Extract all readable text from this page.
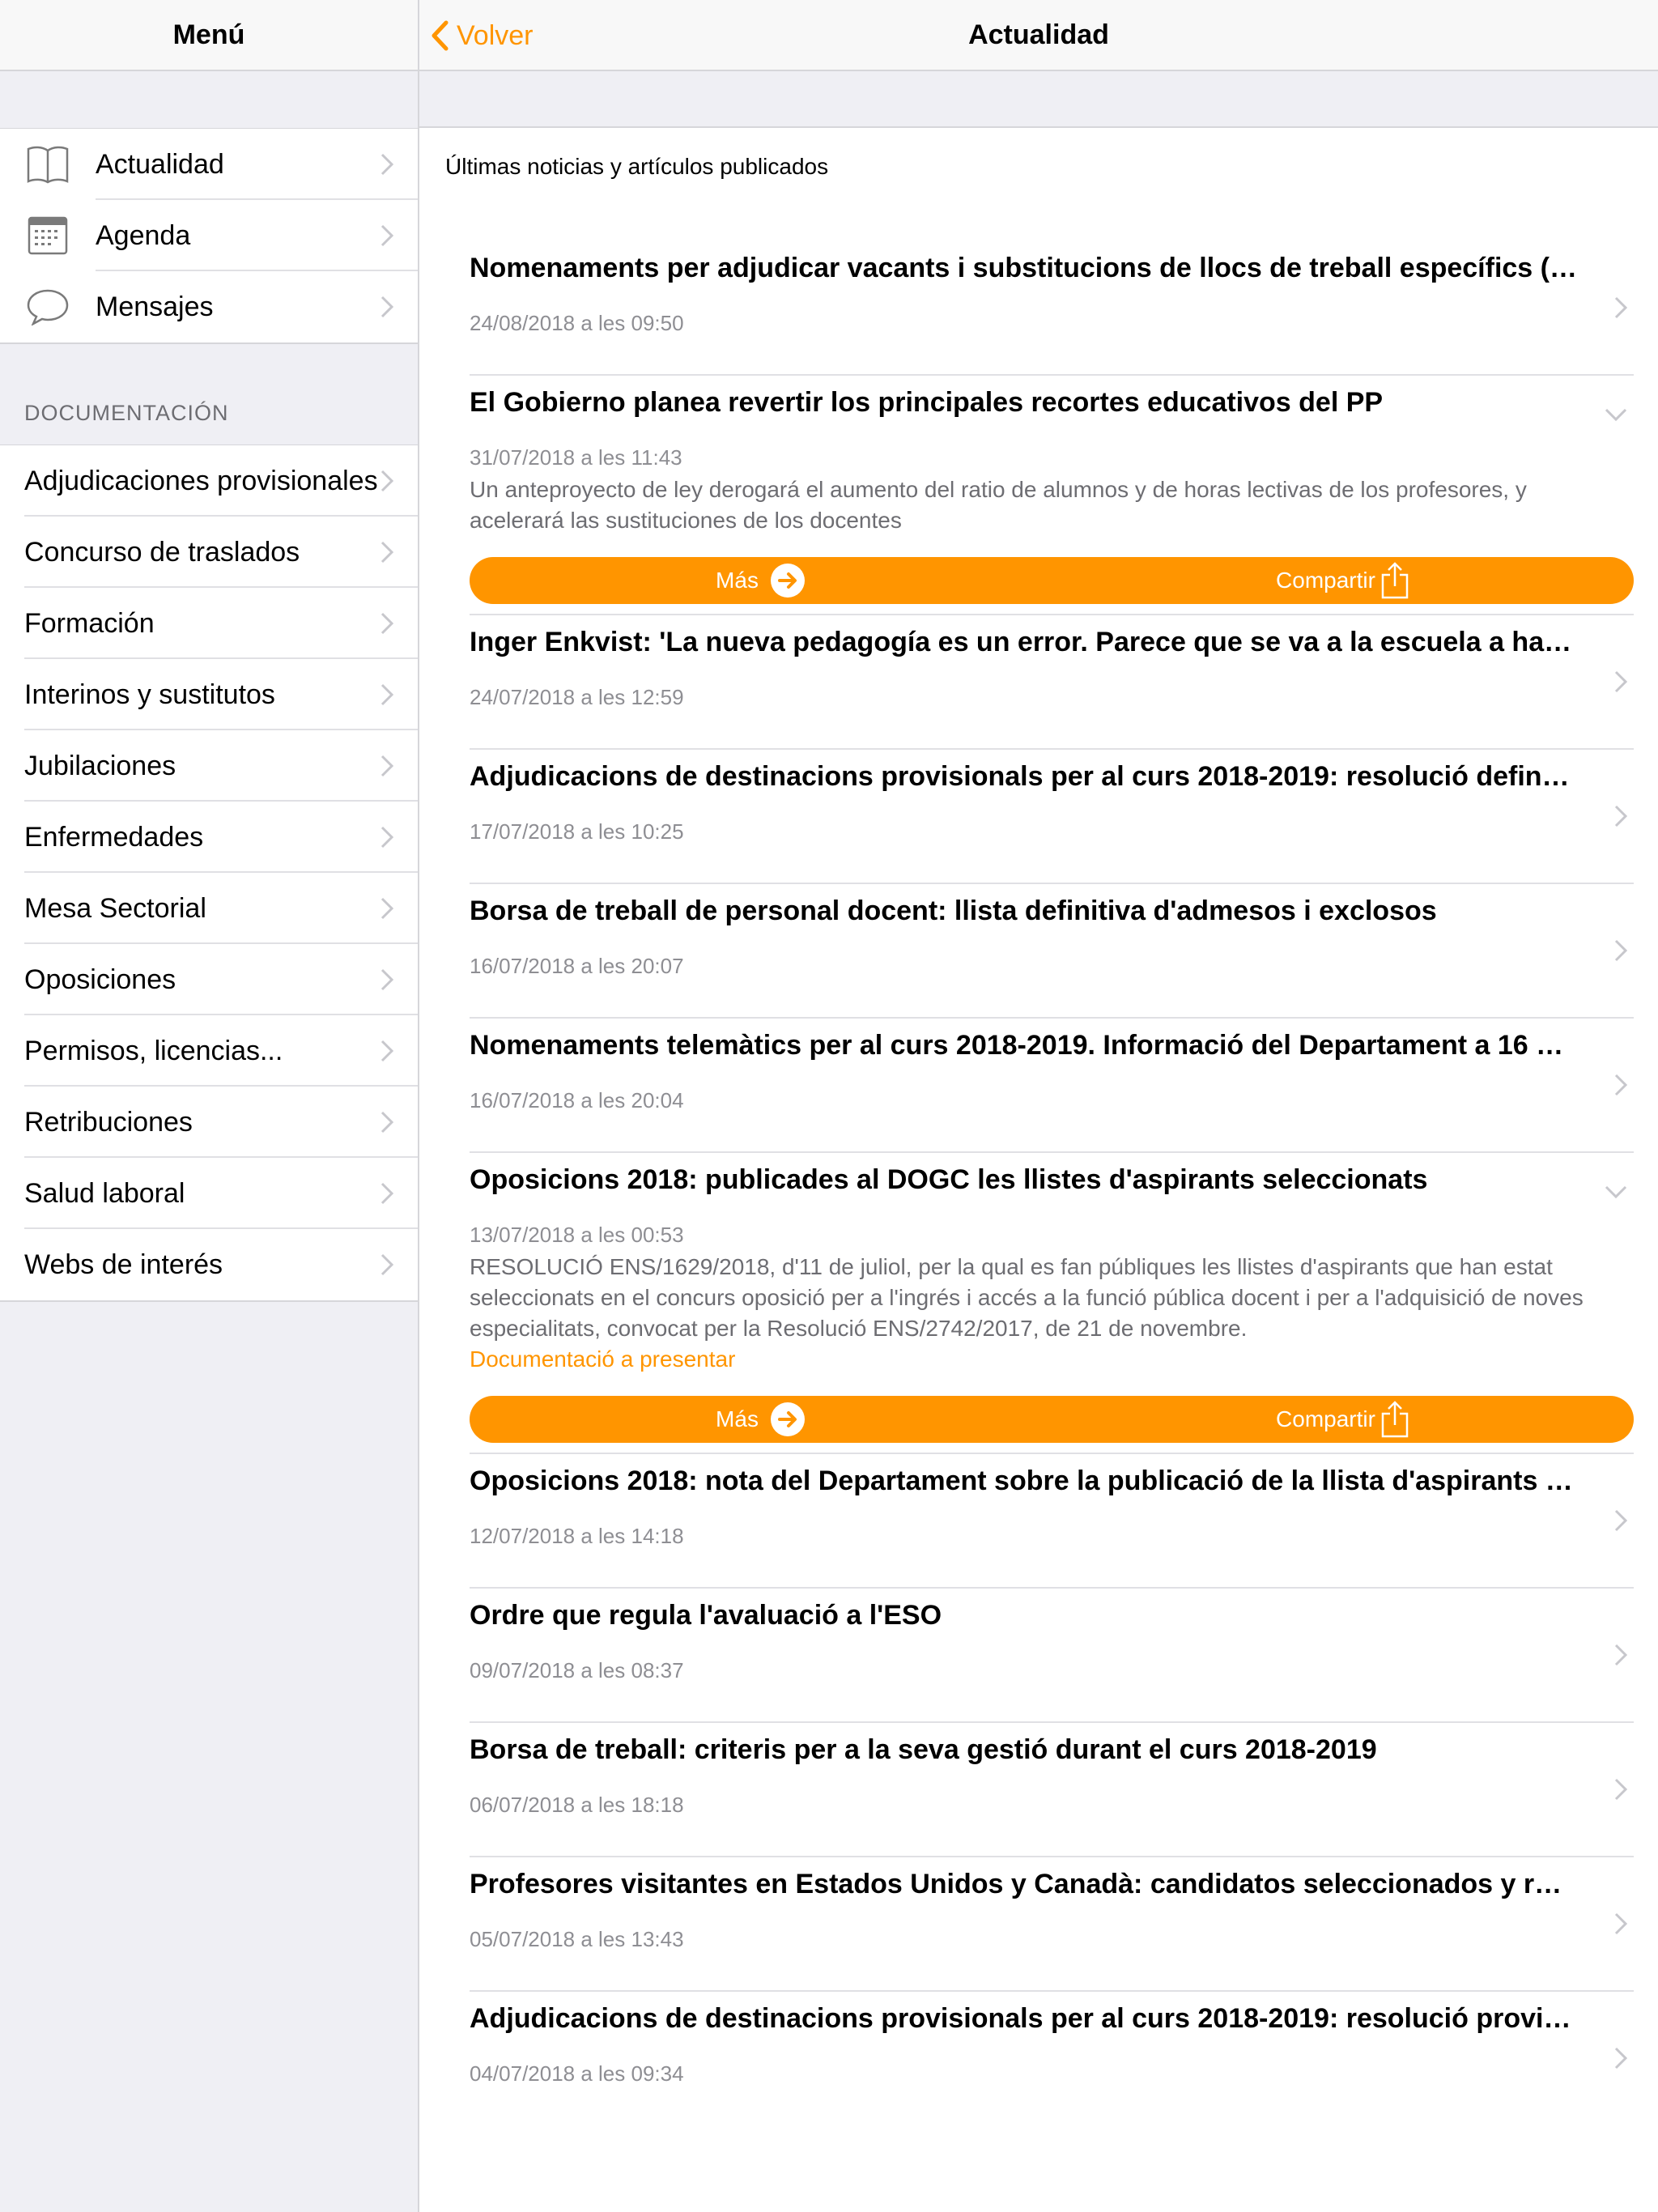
Menú
Actualidad
Agenda
Mensajes
DOCUMENTACIÓN
Adjudicaciones provisionales
Concurso de traslados
Formación
Interinos y sustitutos
Jubilaciones
Enfermedades
Mesa Sectorial
Oposiciones
Permisos, licencias...
Retribuciones
Salud laboral
Webs de interés
Volver	Actualidad
Últimas noticias y artículos publicados
Nomenaments per adjudicar vacants i substitucions de llocs de treball específics (…
24/08/2018 a les 09:50
El Gobierno planea revertir los principales recortes educativos del PP
31/07/2018 a les 11:43
Un anteproyecto de ley derogará el aumento del ratio de alumnos y de horas lectivas de los profesores, y acelerará las sustituciones de los docentes
Más	Compartir
Inger Enkvist: 'La nueva pedagogía es un error. Parece que se va a la escuela a ha…
24/07/2018 a les 12:59
Adjudicacions de destinacions provisionals per al curs 2018-2019: resolució defin…
17/07/2018 a les 10:25
Borsa de treball de personal docent: llista definitiva d'admesos i exclosos
16/07/2018 a les 20:07
Nomenaments telemàtics per al curs 2018-2019. Informació del Departament a 16 …
16/07/2018 a les 20:04
Oposicions 2018: publicades al DOGC les llistes d'aspirants seleccionats
13/07/2018 a les 00:53
RESOLUCIÓ ENS/1629/2018, d'11 de juliol, per la qual es fan públiques les llistes d'aspirants que han estat seleccionats en el concurs oposició per a l'ingrés i accés a la funció pública docent i per a l'adquisició de noves especialitats, convocat per la Resolució ENS/2742/2017, de 21 de novembre.
Documentació a presentar
Más	Compartir
Oposicions 2018: nota del Departament sobre la publicació de la llista d'aspirants …
12/07/2018 a les 14:18
Ordre que regula l'avaluació a l'ESO
09/07/2018 a les 08:37
Borsa de treball: criteris per a la seva gestió durant el curs 2018-2019
06/07/2018 a les 18:18
Profesores visitantes en Estados Unidos y Canadà: candidatos seleccionados y r…
05/07/2018 a les 13:43
Adjudicacions de destinacions provisionals per al curs 2018-2019: resolució provi…
04/07/2018 a les 09:34
